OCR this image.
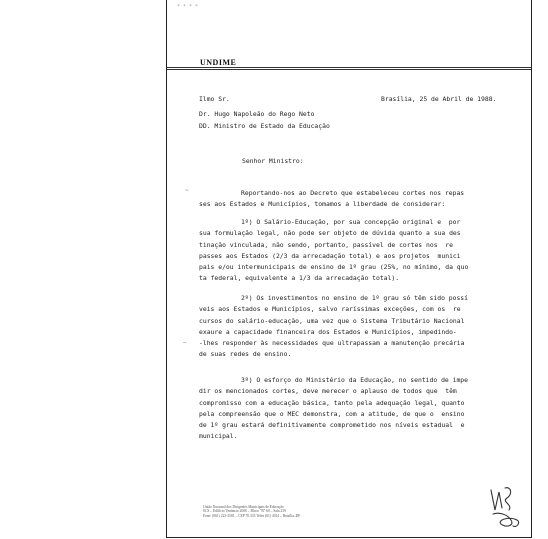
* * * *
UNDIME
Ilmo Sr.	Brasília, 25 de Abril de 1988.
Dr. Hugo Napoleão do Rego Neto
DD. Ministro de Estado da Educação
Senhor Ministro:
~	Reportando-nos ao Decreto que estabeleceu cortes nos repas
ses aos Estados e Municípios, tomamos a liberdade de considerar:
1º) O Salário-Educação, por sua concepção original e  por
sua formulação legal, não pode ser objeto de dúvida quanto a sua des
tinação vinculada, não sendo, portanto, passível de cortes nos  re
passes aos Estados (2/3 da arrecadação total) e aos projetos  munici
pais e/ou intermunicipais de ensino de 1º grau (25%, no mínimo, da quo
ta federal, equivalente a 1/3 da arrecadação total).
—
2º) Os investimentos no ensino de 1º grau só têm sido possí
veis aos Estados e Municípios, salvo raríssimas exceções, com os  re
cursos do salário-educação, uma vez que o Sistema Tributário Nacional
exaure a capacidade financeira dos Estados e Municípios, impedindo-
-lhes responder às necessidades que ultrapassam a manutenção precária
de suas redes de ensino.
3º) O esforço do Ministério da Educação, no sentido de impe
dir os mencionados cortes, deve merecer o aplauso de todos que  têm
compromisso com a educação básica, tanto pela adequação legal, quanto
pela compreensão que o MEC demonstra, com a atitude, de que o  ensino
de 1º grau estará definitivamente comprometido nos níveis estadual  e
municipal.
União Nacional dos Dirigentes Municipais de Educação
SCS – Edifício Venâncio 2000 – Bloco "B" 60 – Sala 239
Fone: (061) 223-2581 – CEP 70.333 Telex (61) 4014 – Brasília–DF
